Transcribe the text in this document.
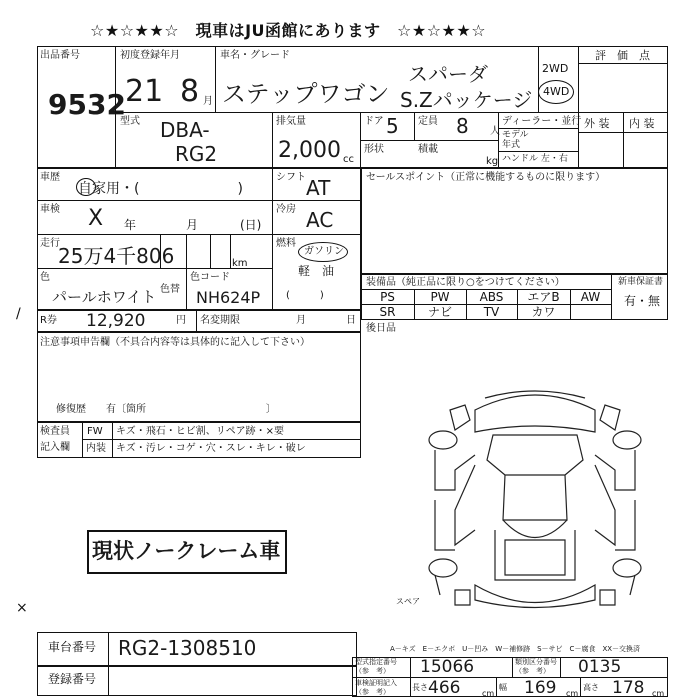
☆★☆★★☆　現車はJU函館にあります　☆★☆★★☆
出品番号
9532
初度登録年月
21 8 月
車名・グレード
ステップワゴン
スパーダ
S.Zパッケージ
2WD
4WD
評　価　点
型式 DBA-
RG2
排気量
2,000 cc
ドア 5 定員 8 人
ディーラー・並行
モデル
年式
ハンドル 左・右
形状	積載
kg
外 装 内 装
車歴
自家用・(　　　　　　　)
シフト AT
車検 X 年	月	(日)
冷房 AC
走行
25万4千806	km
燃料
ガソリン
軽　油
(　　　)
色
パールホワイト 色替
色コード
NH624P
セールスポイント（正常に機能するものに限ります）
装備品（純正品に限り○をつけてください）	新車保証書
有・無
PS	PW	ABS	エアB	AW
SR	ナビ	TV	カワ
R券 12,920	円 名変期限	月	日
後日品
注意事項申告欄（不具合内容等は具体的に記入して下さい）
修復歴　　有〔箇所　　　　　　　　　　　　〕
検査員
記入欄
FW キズ・飛石・ヒビ割、リペア跡・×要
内装 キズ・汚レ・コゲ・穴・スレ・キレ・破レ
/
×
現状ノークレーム車
スペア
車台番号 RG2-1308510
登録番号
A－キズ　E－エクボ　U－凹み　W－補修跡　S－サビ　C－腐食　XX－交換済
型式指定番号
（参　考）	15066	類別区分番号
（参　考）	0135
車検証明記入
（参　考）	長さ 466	cm
幅 169 cm
高さ 178 cm
